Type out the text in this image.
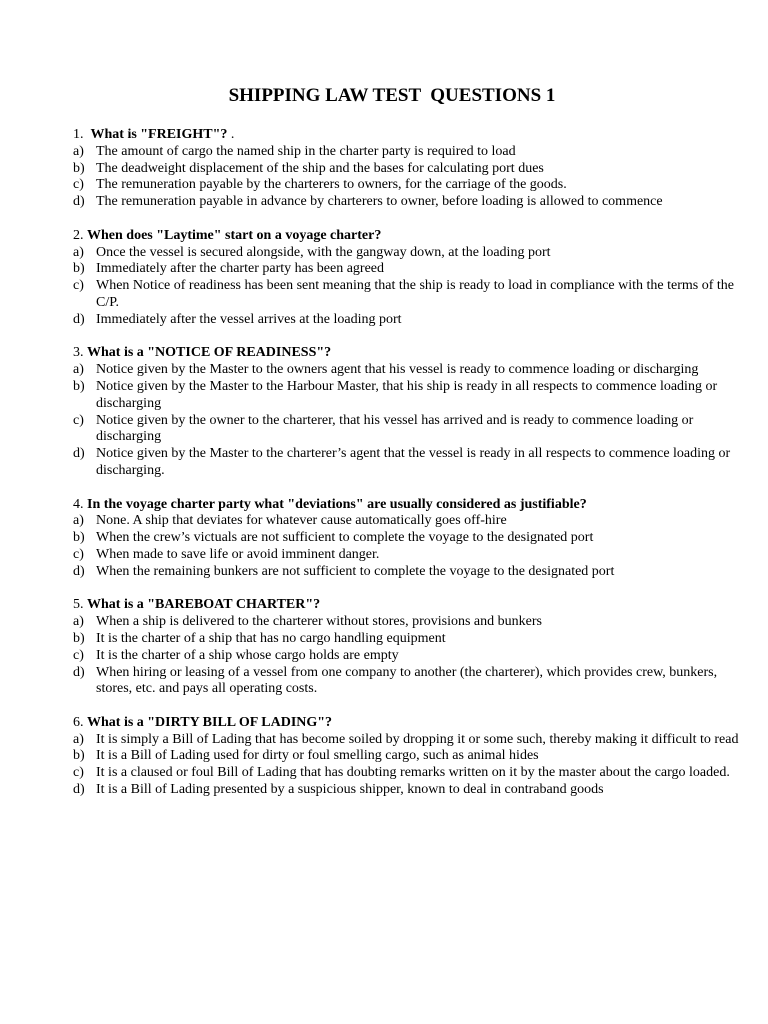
SHIPPING LAW TEST  QUESTIONS 1
1. What is "FREIGHT"? .
a) The amount of cargo the named ship in the charter party is required to load
b) The deadweight displacement of the ship and the bases for calculating port dues
c) The remuneration payable by the charterers to owners, for the carriage of the goods.
d) The remuneration payable in advance by charterers to owner, before loading is allowed to commence
2. When does "Laytime" start on a voyage charter?
a) Once the vessel is secured alongside, with the gangway down, at the loading port
b) Immediately after the charter party has been agreed
c) When Notice of readiness has been sent meaning that the ship is ready to load in compliance with the terms of the C/P.
d) Immediately after the vessel arrives at the loading port
3. What is a "NOTICE OF READINESS"?
a) Notice given by the Master to the owners agent that his vessel is ready to commence loading or discharging
b) Notice given by the Master to the Harbour Master, that his ship is ready in all respects to commence loading or discharging
c) Notice given by the owner to the charterer, that his vessel has arrived and is ready to commence loading or discharging
d) Notice given by the Master to the charterer’s agent that the vessel is ready in all respects to commence loading or discharging.
4. In the voyage charter party what "deviations" are usually considered as justifiable?
a) None. A ship that deviates for whatever cause automatically goes off-hire
b) When the crew’s victuals are not sufficient to complete the voyage to the designated port
c) When made to save life or avoid imminent danger.
d) When the remaining bunkers are not sufficient to complete the voyage to the designated port
5. What is a "BAREBOAT CHARTER"?
a) When a ship is delivered to the charterer without stores, provisions and bunkers
b) It is the charter of a ship that has no cargo handling equipment
c) It is the charter of a ship whose cargo holds are empty
d) When hiring or leasing of a vessel from one company to another (the charterer), which provides crew, bunkers, stores, etc. and pays all operating costs.
6. What is a "DIRTY BILL OF LADING"?
a) It is simply a Bill of Lading that has become soiled by dropping it or some such, thereby making it difficult to read
b) It is a Bill of Lading used for dirty or foul smelling cargo, such as animal hides
c) It is a claused or foul Bill of Lading that has doubting remarks written on it by the master about the cargo loaded.
d) It is a Bill of Lading presented by a suspicious shipper, known to deal in contraband goods
